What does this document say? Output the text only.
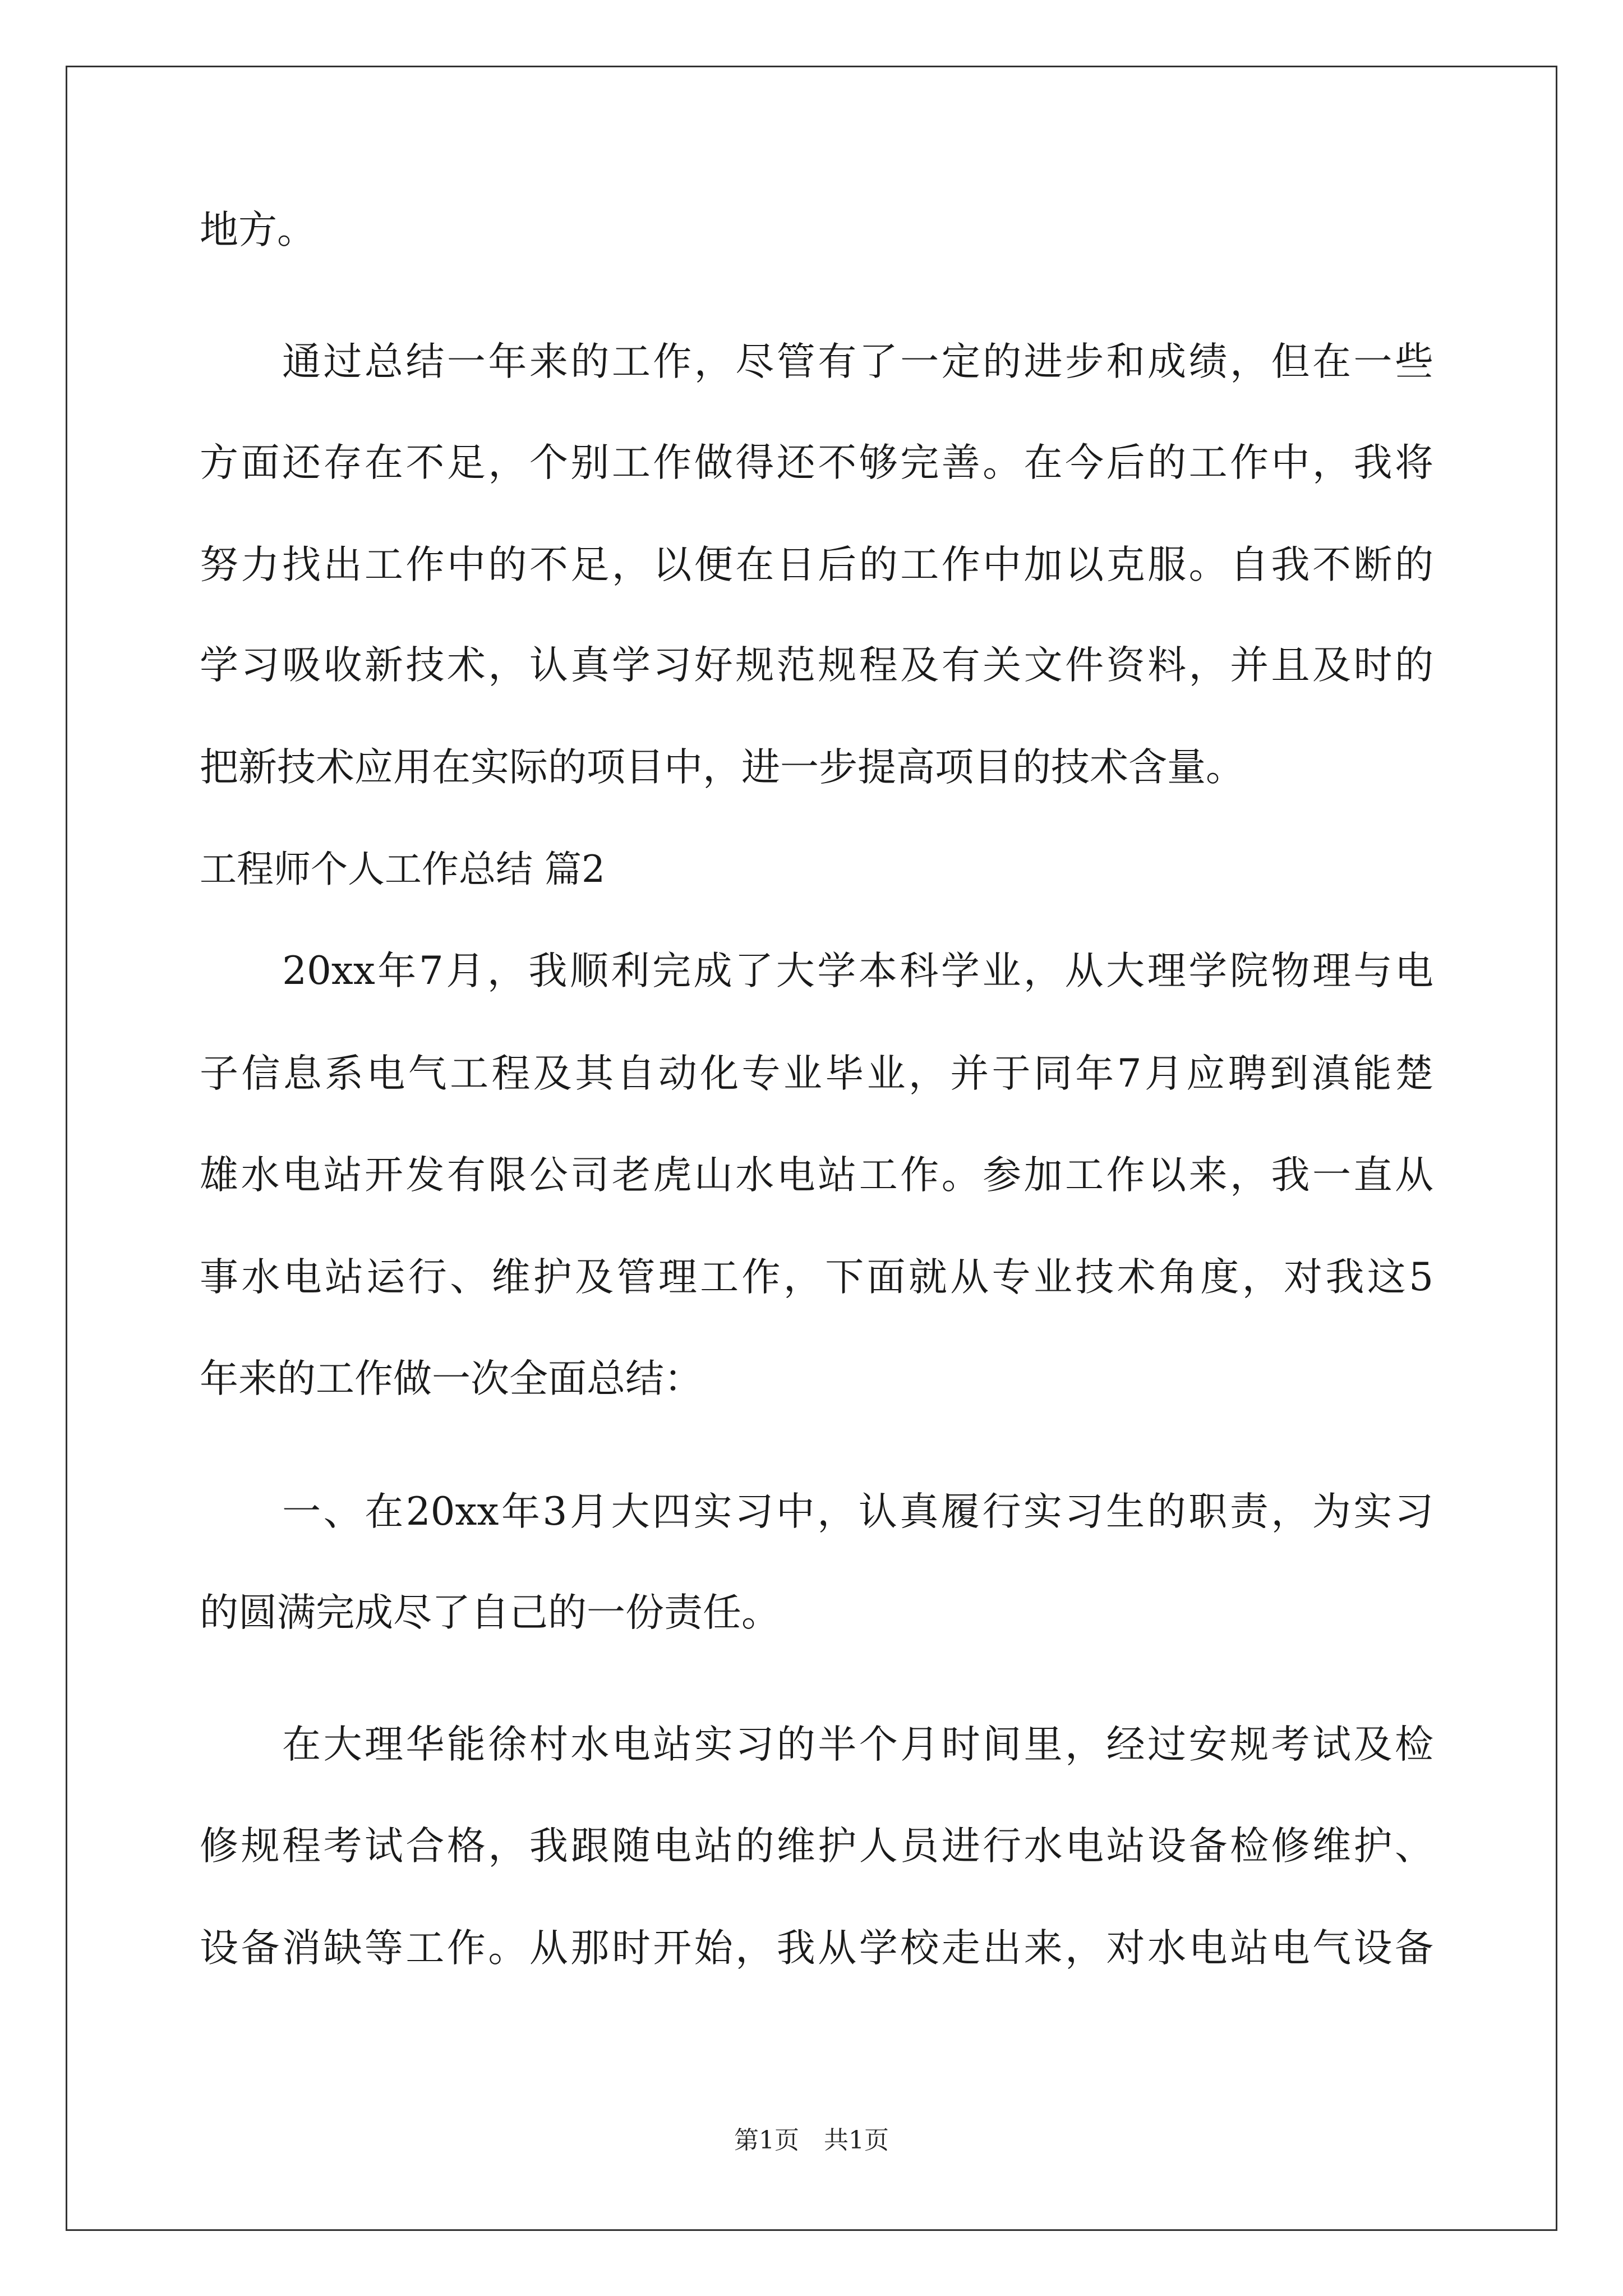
地方。
　　通过总结一年来的工作，尽管有了一定的进步和成绩，但在一些
方面还存在不足，个别工作做得还不够完善。在今后的工作中，我将
努力找出工作中的不足，以便在日后的工作中加以克服。自我不断的
学习吸收新技术，认真学习好规范规程及有关文件资料，并且及时的
把新技术应用在实际的项目中，进一步提高项目的技术含量。
工程师个人工作总结 篇2
　　20xx年7月，我顺利完成了大学本科学业，从大理学院物理与电
子信息系电气工程及其自动化专业毕业，并于同年7月应聘到滇能楚
雄水电站开发有限公司老虎山水电站工作。参加工作以来，我一直从
事水电站运行、维护及管理工作，下面就从专业技术角度，对我这5
年来的工作做一次全面总结：
　　一、在20xx年3月大四实习中，认真履行实习生的职责，为实习
的圆满完成尽了自己的一份责任。
　　在大理华能徐村水电站实习的半个月时间里，经过安规考试及检
修规程考试合格，我跟随电站的维护人员进行水电站设备检修维护、
设备消缺等工作。从那时开始，我从学校走出来，对水电站电气设备
第1页　共1页
